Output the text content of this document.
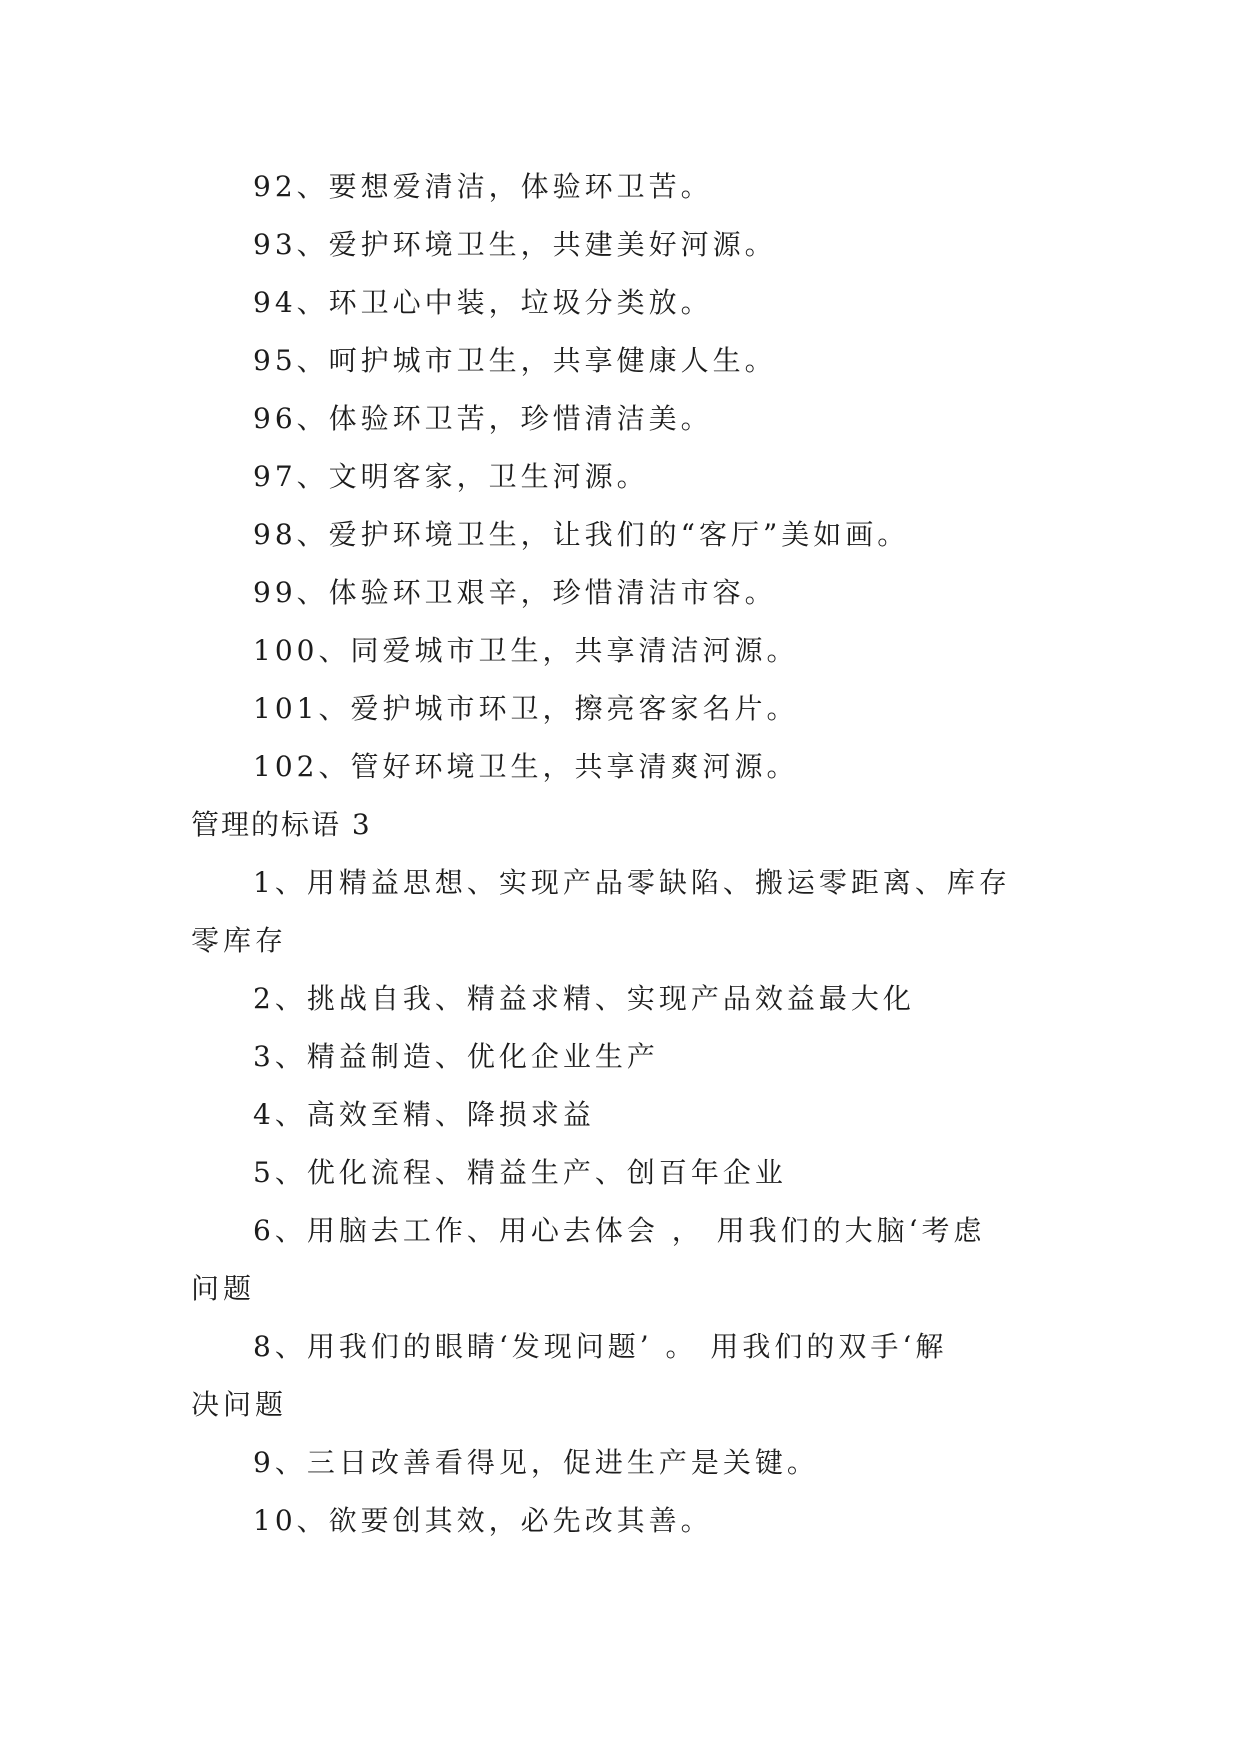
92、要想爱清洁，体验环卫苦。
93、爱护环境卫生，共建美好河源。
94、环卫心中装，垃圾分类放。
95、呵护城市卫生，共享健康人生。
96、体验环卫苦，珍惜清洁美。
97、文明客家，卫生河源。
98、爱护环境卫生，让我们的“客厅”美如画。
99、体验环卫艰辛，珍惜清洁市容。
100、同爱城市卫生，共享清洁河源。
101、爱护城市环卫，擦亮客家名片。
102、管好环境卫生，共享清爽河源。
管理的标语 3
1、用精益思想、实现产品零缺陷、搬运零距离、库存
零库存
2、挑战自我、精益求精、实现产品效益最大化
3、精益制造、优化企业生产
4、高效至精、降损求益
5、优化流程、精益生产、创百年企业
6、用脑去工作、用心去体会 ， 用我们的大脑‘考虑
问题
8、用我们的眼睛‘发现问题’ 。 用我们的双手‘解
决问题
9、三日改善看得见，促进生产是关键。
10、欲要创其效，必先改其善。
